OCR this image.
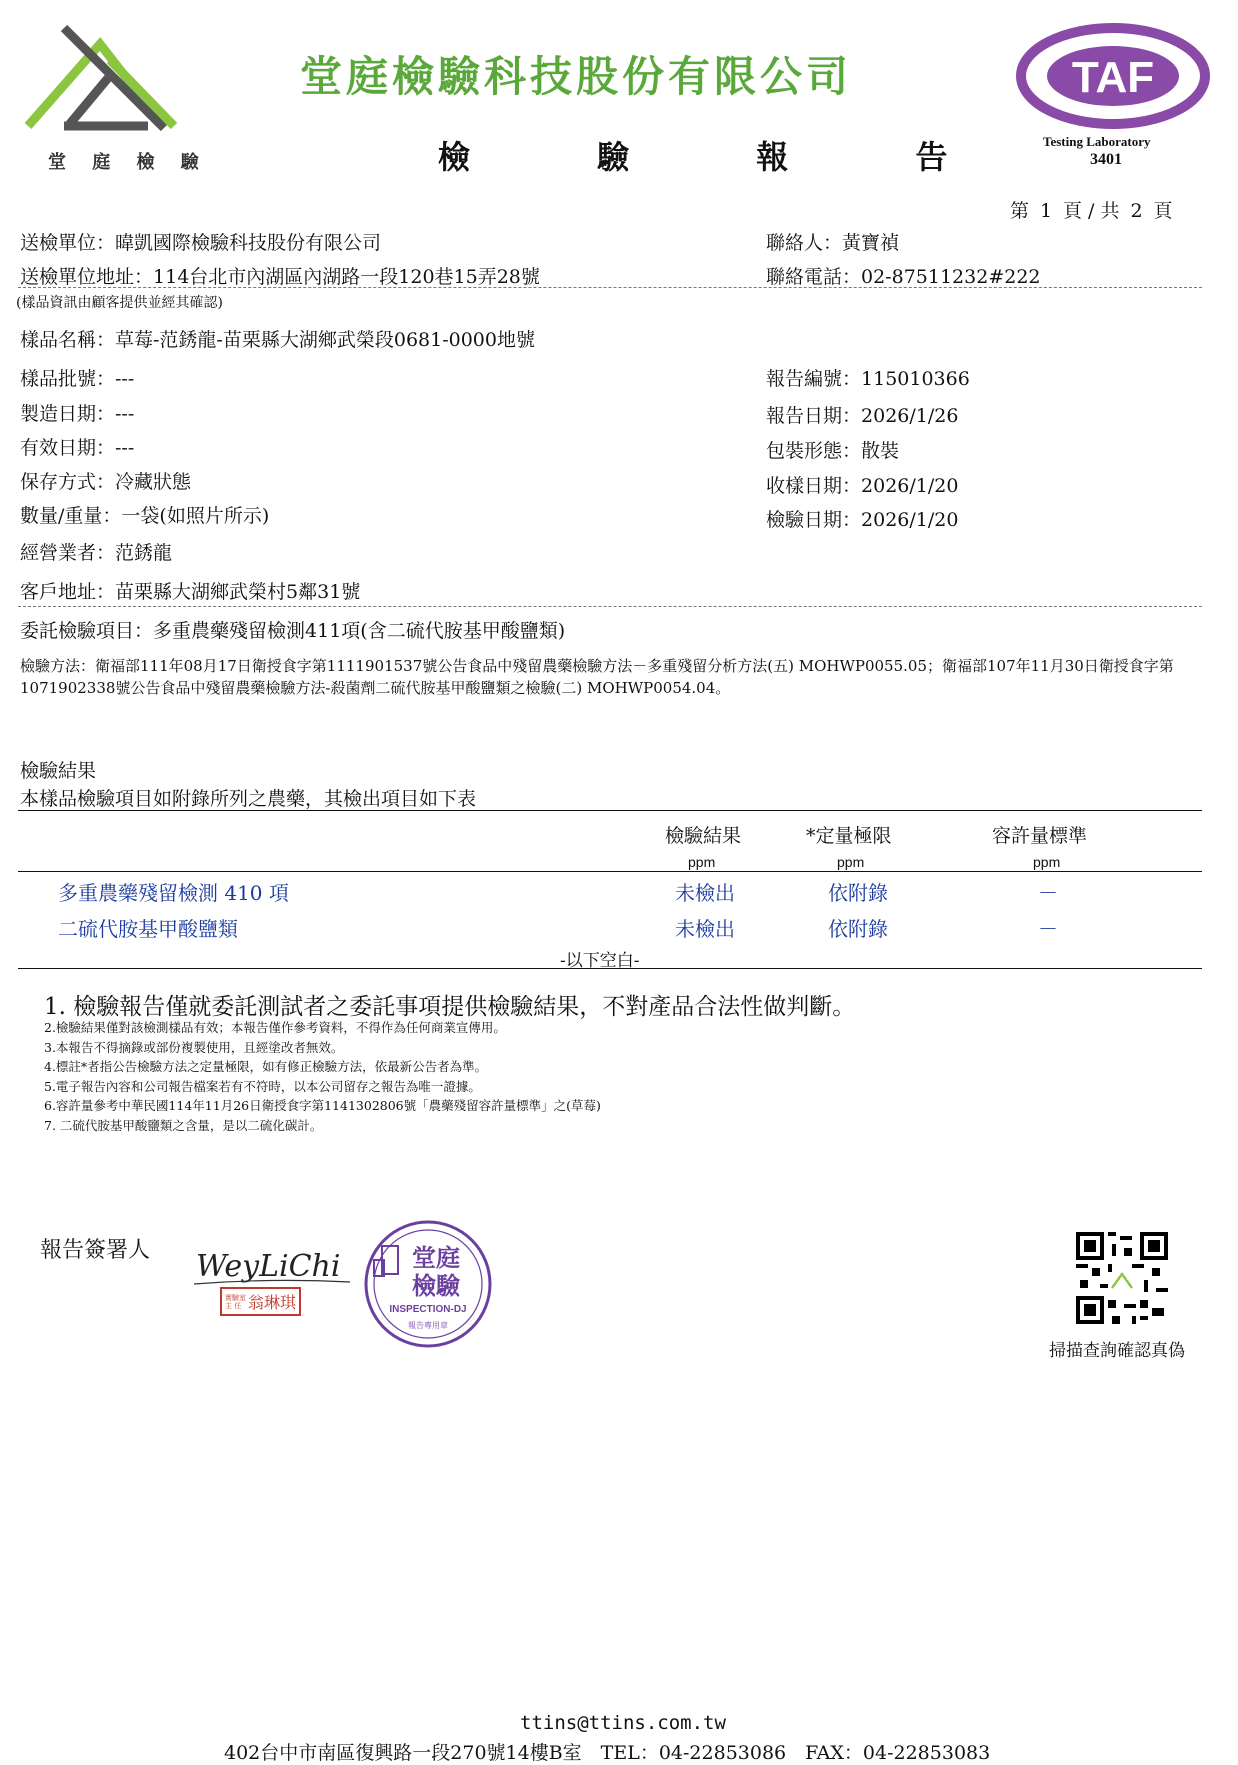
堂 庭 檢 驗
堂庭檢驗科技股份有限公司
檢 驗 報 告
TAF
Testing Laboratory
3401
第 1 頁 / 共 2 頁
送檢單位：暐凱國際檢驗科技股份有限公司
送檢單位地址：114台北市內湖區內湖路一段120巷15弄28號
聯絡人：黃寶禎
聯絡電話：02-87511232#222
(樣品資訊由顧客提供並經其確認)
樣品名稱：草莓-范銹龍-苗栗縣大湖鄉武榮段0681-0000地號
樣品批號：---
製造日期：---
有效日期：---
保存方式：冷藏狀態
數量/重量：一袋(如照片所示)
經營業者：范銹龍
客戶地址：苗栗縣大湖鄉武榮村5鄰31號
報告編號：115010366
報告日期：2026/1/26
包裝形態：散裝
收樣日期：2026/1/20
檢驗日期：2026/1/20
委託檢驗項目：多重農藥殘留檢測411項(含二硫代胺基甲酸鹽類)
檢驗方法：衛福部111年08月17日衛授食字第1111901537號公告食品中殘留農藥檢驗方法－多重殘留分析方法(五) MOHWP0055.05；衛福部107年11月30日衛授食字第1071902338號公告食品中殘留農藥檢驗方法-殺菌劑二硫代胺基甲酸鹽類之檢驗(二) MOHWP0054.04。
檢驗結果
本樣品檢驗項目如附錄所列之農藥，其檢出項目如下表
檢驗結果	*定量極限	容許量標準
ppm	ppm	ppm
多重農藥殘留檢測 410 項	未檢出	依附錄	－
二硫代胺基甲酸鹽類	未檢出	依附錄	－
-以下空白-
1. 檢驗報告僅就委託測試者之委託事項提供檢驗結果，不對產品合法性做判斷。
2.檢驗結果僅對該檢測樣品有效；本報告僅作參考資料，不得作為任何商業宣傳用。
3.本報告不得摘錄或部份複製使用，且經塗改者無效。
4.標註*者指公告檢驗方法之定量極限，如有修正檢驗方法，依最新公告者為準。
5.電子報告內容和公司報告檔案若有不符時，以本公司留存之報告為唯一證據。
6.容許量參考中華民國114年11月26日衛授食字第1141302806號「農藥殘留容許量標準」之(草莓)
7. 二硫代胺基甲酸鹽類之含量，是以二硫化碳計。
報告簽署人 WeyLiChi
實驗室
主 任 翁琳琪
堂庭
檢驗
INSPECTION-DJ
報告專用章
掃描查詢確認真偽
ttins@ttins.com.tw
402台中市南區復興路一段270號14樓B室　TEL：04-22853086　FAX：04-22853083
